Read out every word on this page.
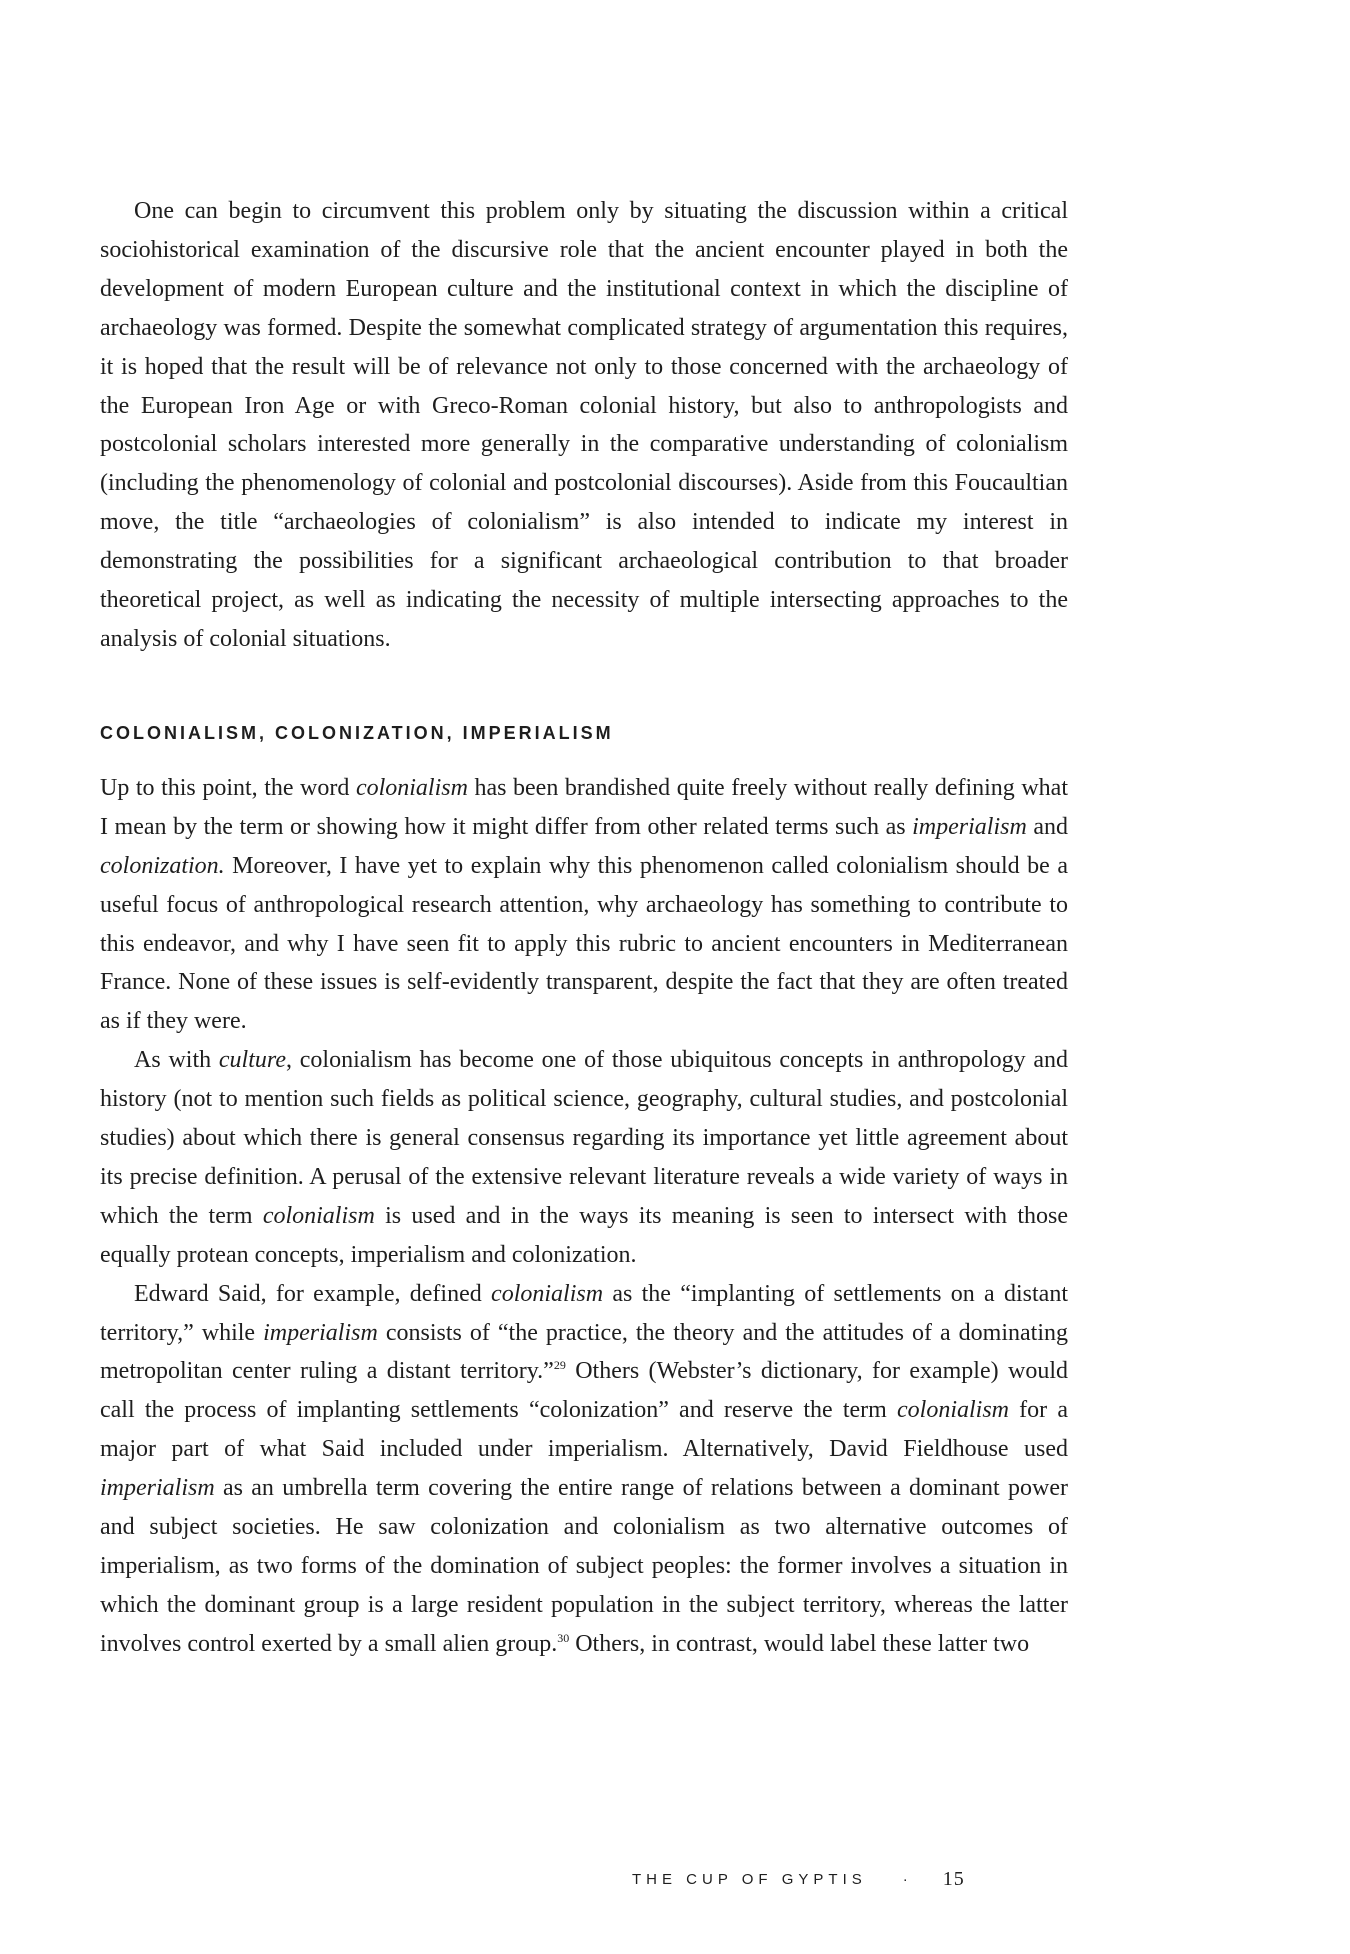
One can begin to circumvent this problem only by situating the discussion within a critical sociohistorical examination of the discursive role that the ancient encounter played in both the development of modern European culture and the institutional context in which the discipline of archaeology was formed. Despite the somewhat complicated strategy of argumentation this requires, it is hoped that the result will be of relevance not only to those concerned with the archaeology of the European Iron Age or with Greco-Roman colonial history, but also to anthropologists and postcolonial scholars interested more generally in the comparative understanding of colonialism (including the phenomenology of colonial and postcolonial discourses). Aside from this Foucaultian move, the title “archaeologies of colonialism” is also intended to indicate my interest in demonstrating the possibilities for a significant archaeological contribution to that broader theoretical project, as well as indicating the necessity of multiple intersecting approaches to the analysis of colonial situations.

COLONIALISM, COLONIZATION, IMPERIALISM

Up to this point, the word colonialism has been brandished quite freely without really defining what I mean by the term or showing how it might differ from other related terms such as imperialism and colonization. Moreover, I have yet to explain why this phenomenon called colonialism should be a useful focus of anthropological research attention, why archaeology has something to contribute to this endeavor, and why I have seen fit to apply this rubric to ancient encounters in Mediterranean France. None of these issues is self-evidently transparent, despite the fact that they are often treated as if they were.

As with culture, colonialism has become one of those ubiquitous concepts in anthropology and history (not to mention such fields as political science, geography, cultural studies, and postcolonial studies) about which there is general consensus regarding its importance yet little agreement about its precise definition. A perusal of the extensive relevant literature reveals a wide variety of ways in which the term colonialism is used and in the ways its meaning is seen to intersect with those equally protean concepts, imperialism and colonization.

Edward Said, for example, defined colonialism as the “implanting of settlements on a distant territory,” while imperialism consists of “the practice, the theory and the attitudes of a dominating metropolitan center ruling a distant territory.”$^{29}$ Others (Webster’s dictionary, for example) would call the process of implanting settlements “colonization” and reserve the term colonialism for a major part of what Said included under imperialism. Alternatively, David Fieldhouse used imperialism as an umbrella term covering the entire range of relations between a dominant power and subject societies. He saw colonization and colonialism as two alternative outcomes of imperialism, as two forms of the domination of subject peoples: the former involves a situation in which the dominant group is a large resident population in the subject territory, whereas the latter involves control exerted by a small alien group.$^{30}$ Others, in contrast, would label these latter two

THE CUP OF GYPTIS · 15
